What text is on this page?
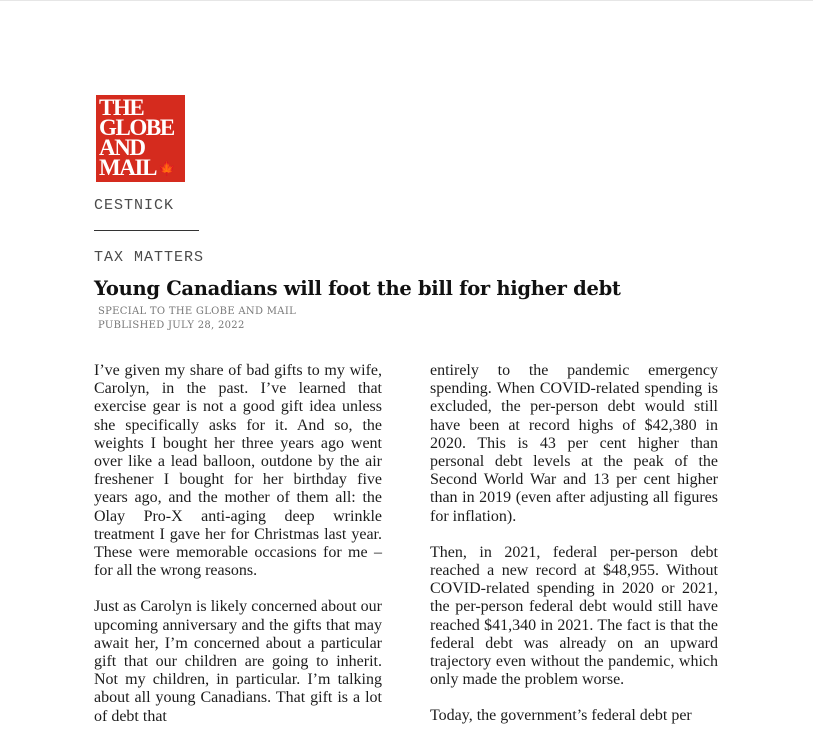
THE
GLOBE
AND
MAIL 🍁
CESTNICK
TAX MATTERS
Young Canadians will foot the bill for higher debt
SPECIAL TO THE GLOBE AND MAIL
PUBLISHED JULY 28, 2022

I’ve given my share of bad gifts to my wife, Carolyn, in the past. I’ve learned that exercise gear is not a good gift idea unless she specifically asks for it. And so, the weights I bought her three years ago went over like a lead balloon, outdone by the air freshener I bought for her birthday five years ago, and the mother of them all: the Olay Pro-X anti-aging deep wrinkle treatment I gave her for Christmas last year. These were memorable occasions for me – for all the wrong reasons.

Just as Carolyn is likely concerned about our upcoming anniversary and the gifts that may await her, I’m concerned about a particular gift that our children are going to inherit. Not my children, in particular. I’m talking about all young Canadians. That gift is a lot of debt that

entirely to the pandemic emergency spending. When COVID-related spending is excluded, the per-person debt would still have been at record highs of $42,380 in 2020. This is 43 per cent higher than personal debt levels at the peak of the Second World War and 13 per cent higher than in 2019 (even after adjusting all figures for inflation).

Then, in 2021, federal per-person debt reached a new record at $48,955. Without COVID-related spending in 2020 or 2021, the per-person federal debt would still have reached $41,340 in 2021. The fact is that the federal debt was already on an upward trajectory even without the pandemic, which only made the problem worse.

Today, the government’s federal debt per
